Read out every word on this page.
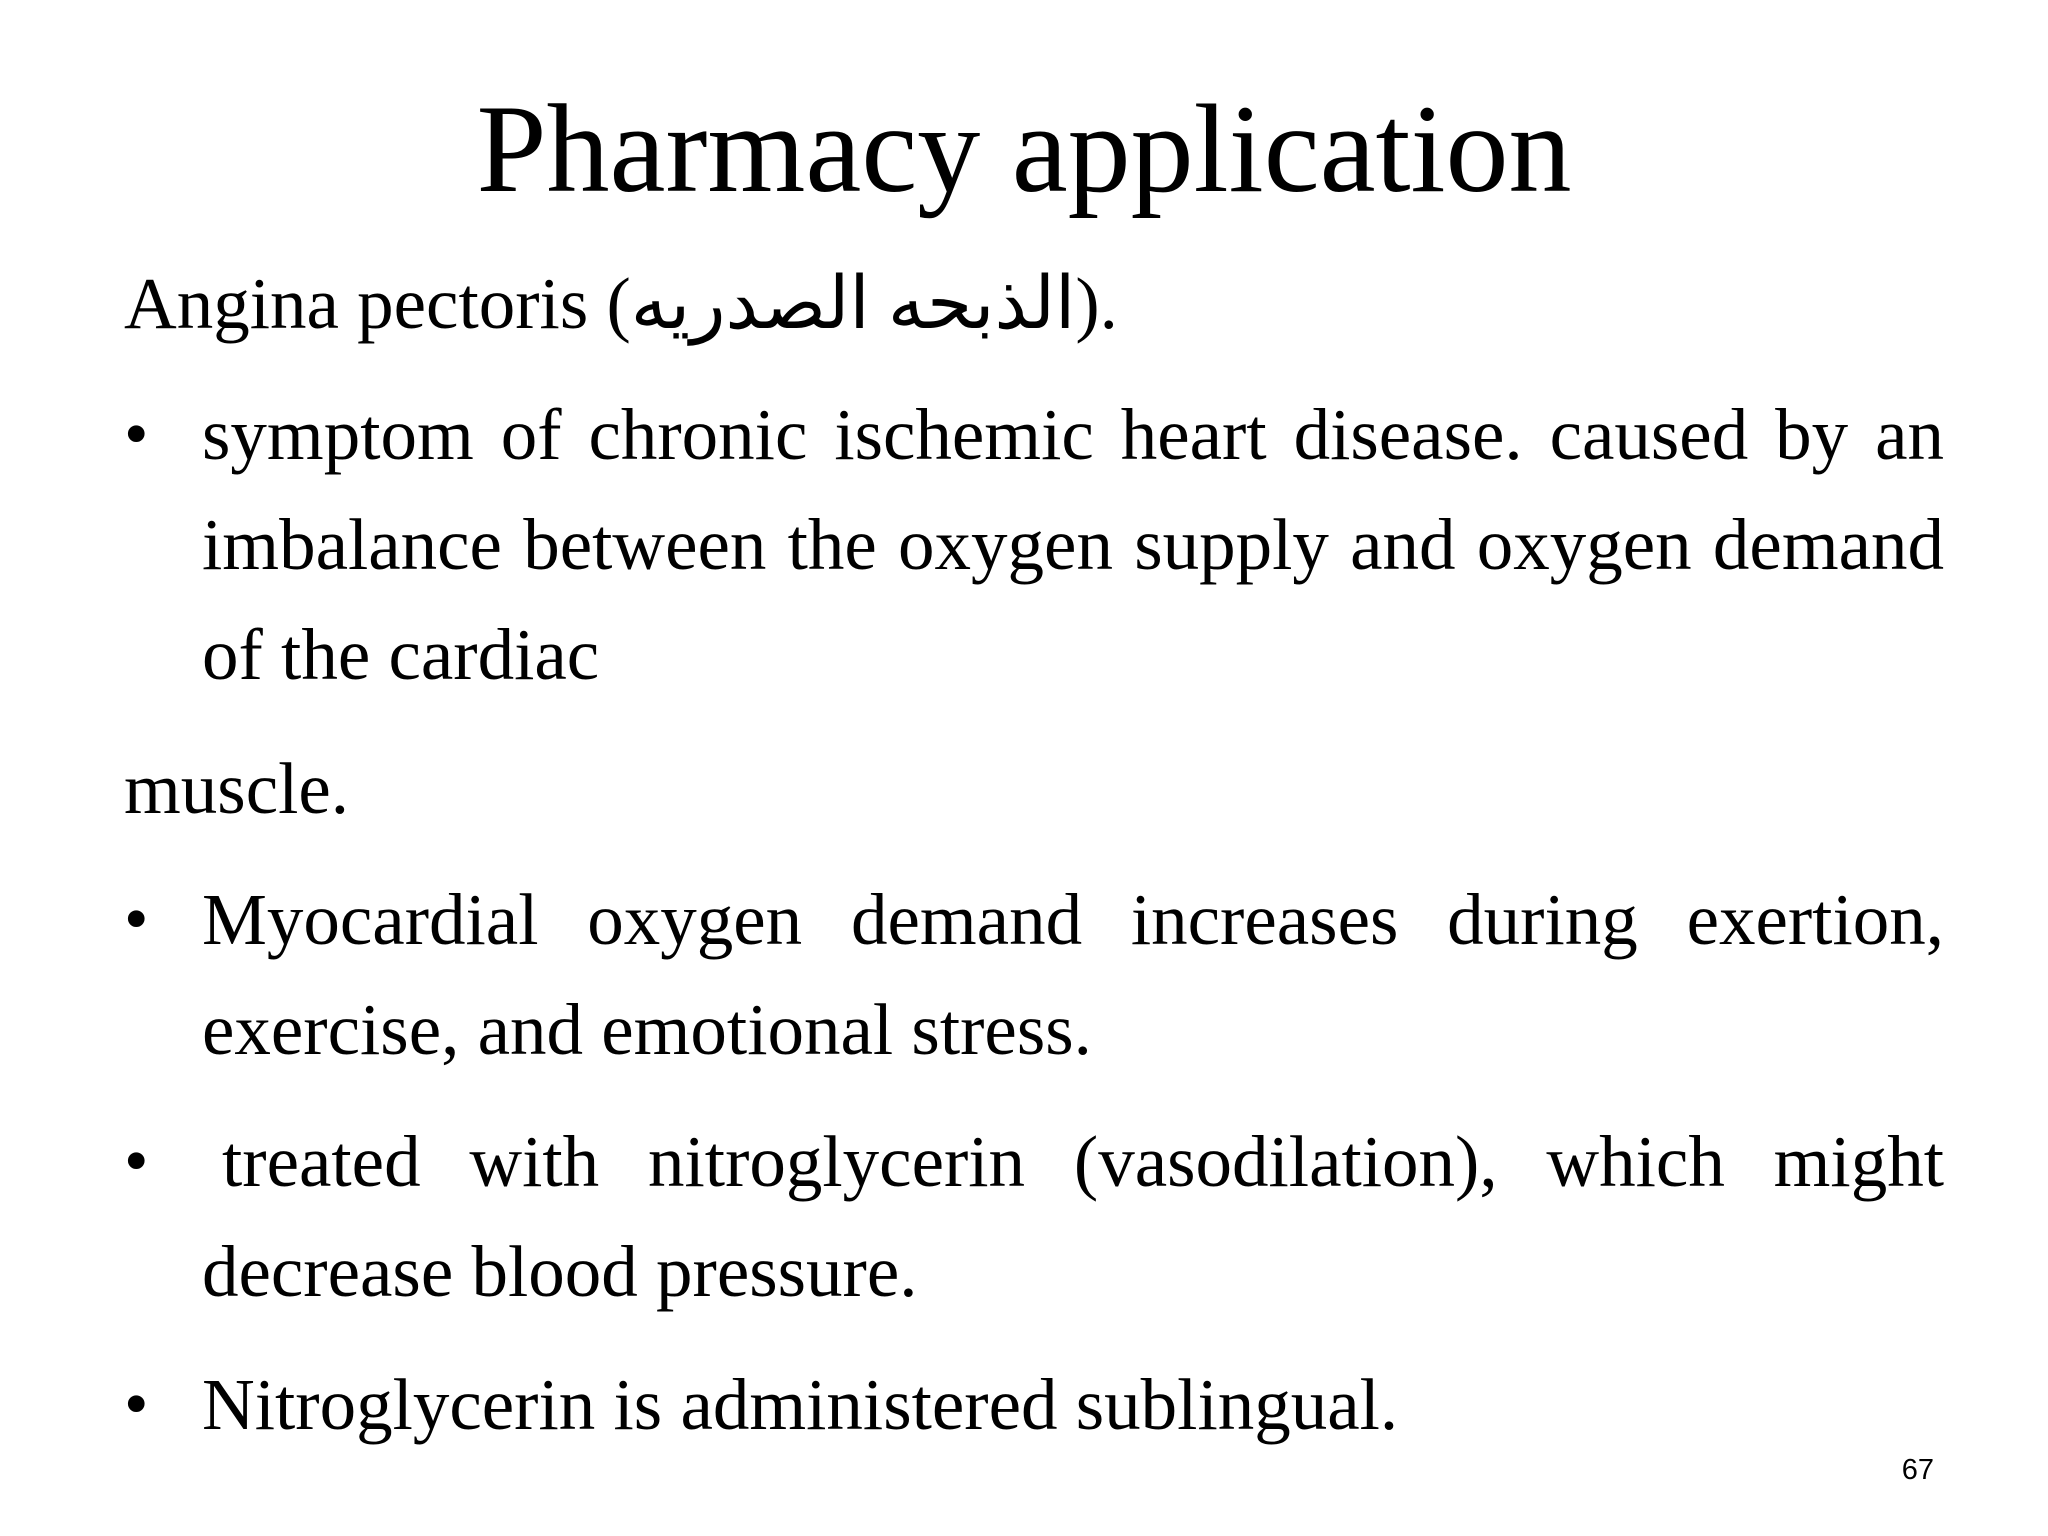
Pharmacy application
Angina pectoris (الذبحه الصدريه).
• symptom of chronic ischemic heart disease. caused by an imbalance between the oxygen supply and oxygen demand of the cardiac
muscle.
• Myocardial oxygen demand increases during exertion, exercise, and emotional stress.
•	treated with nitroglycerin (vasodilation), which might decrease blood pressure.
• Nitroglycerin is administered sublingual.
67
